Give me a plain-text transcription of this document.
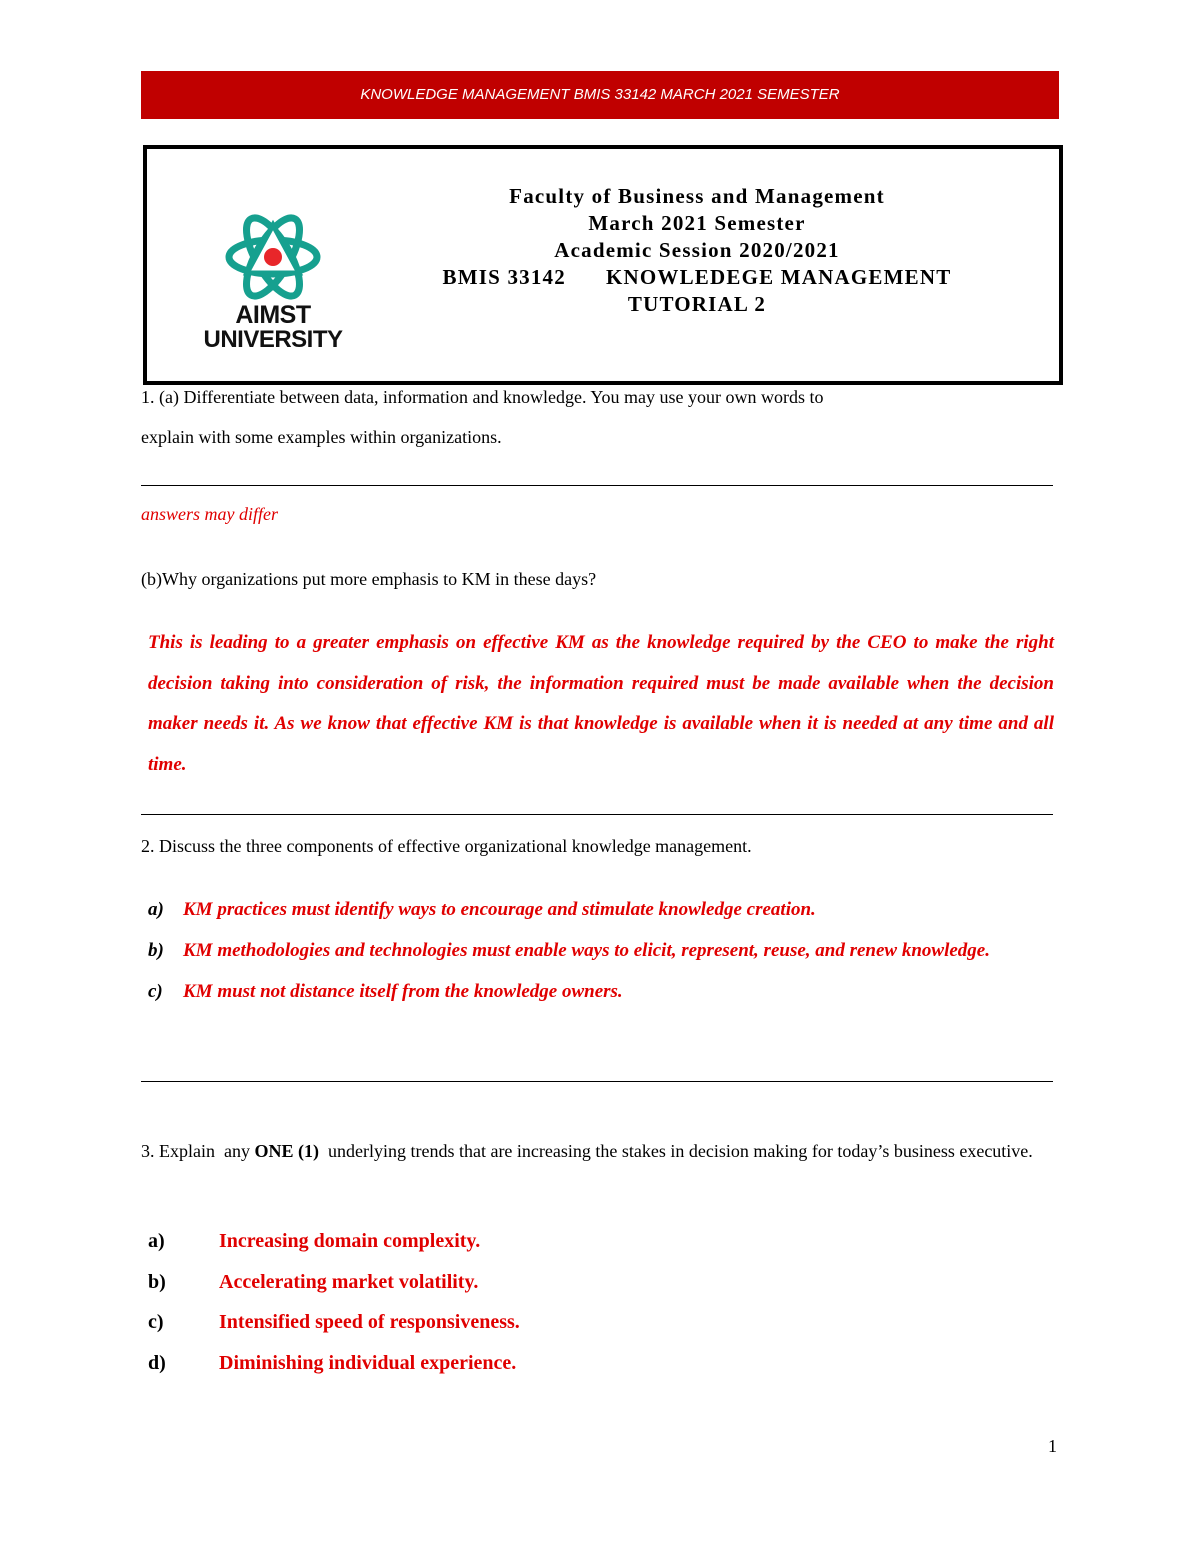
KNOWLEDGE MANAGEMENT BMIS 33142 MARCH 2021 SEMESTER
AIMST
UNIVERSITY
Faculty of Business and Management
March 2021 Semester
Academic Session 2020/2021
BMIS 33142 KNOWLEDEGE MANAGEMENT
TUTORIAL 2
1. (a) Differentiate between data, information and knowledge. You may use your own words to
explain with some examples within organizations.
answers may differ
(b)Why organizations put more emphasis to KM in these days?
This is leading to a greater emphasis on effective KM as the knowledge required by the CEO to make the right decision taking into consideration of risk, the information required must be made available when the decision maker needs it. As we know that effective KM is that knowledge is available when it is needed at any time and all time.
2. Discuss the three components of effective organizational knowledge management.
a)	KM practices must identify ways to encourage and stimulate knowledge creation.
b)	KM methodologies and technologies must enable ways to elicit, represent, reuse, and renew knowledge.
c)	KM must not distance itself from the knowledge owners.
3. Explain  any ONE (1)  underlying trends that are increasing the stakes in decision making for today’s business executive.
a)	Increasing domain complexity.
b)	Accelerating market volatility.
c)	Intensified speed of responsiveness.
d)	Diminishing individual experience.
1
